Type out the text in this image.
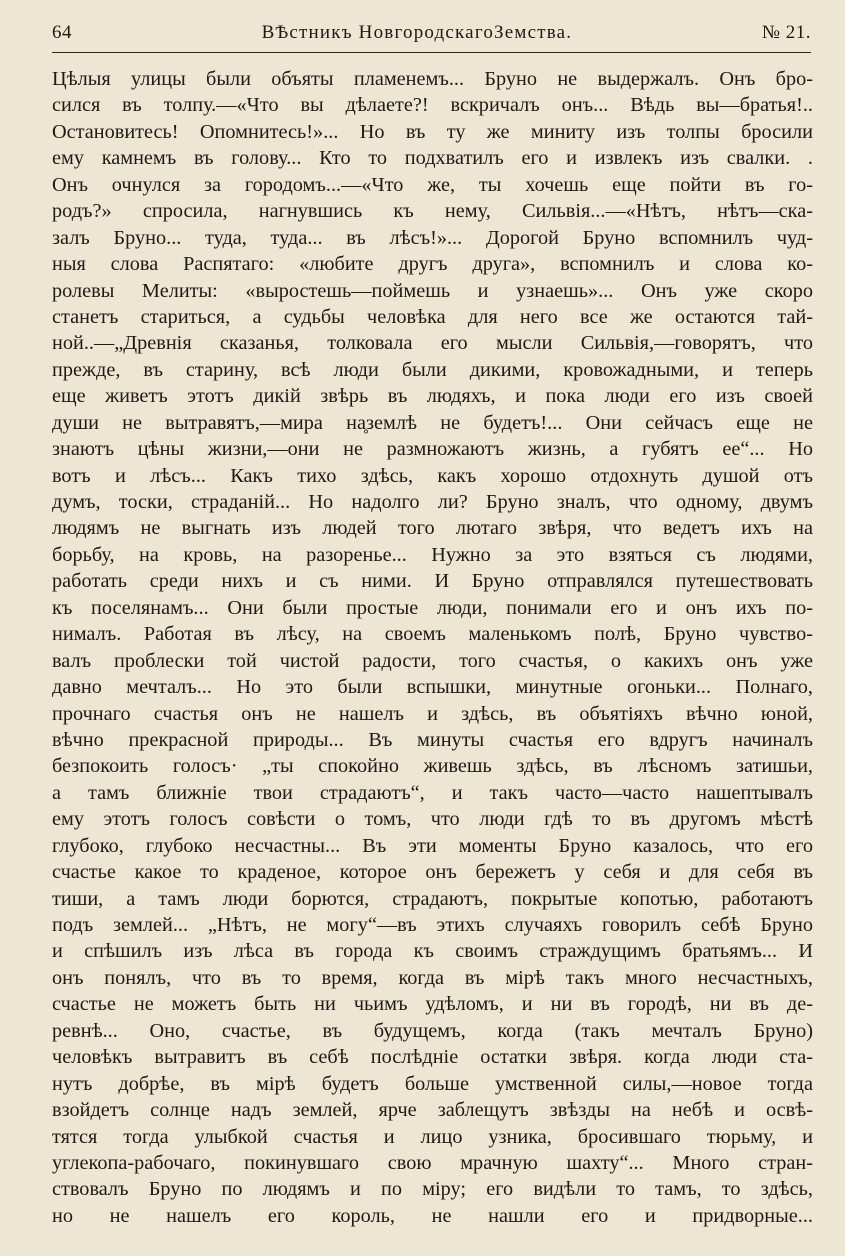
64	ВѢстникъ НовгородскагоЗемства.	№ 21.
Цѣлыя улицы были объяты пламенемъ... Бруно не выдержалъ. Онъ бро-
сился въ толпу.—«Что вы дѣлаете?! вскричалъ онъ... Вѣдь вы—братья!..
Остановитесь! Опомнитесь!»... Но въ ту же миниту изъ толпы бросили
ему камнемъ въ голову... Кто то подхватилъ его и извлекъ изъ свалки. .
Онъ очнулся за городомъ...—«Что же, ты хочешь еще пойти въ го-
родъ?» спросила, нагнувшись къ нему, Сильвія...—«Нѣтъ, нѣтъ—ска-
залъ Бруно... туда, туда... въ лѣсъ!»... Дорогой Бруно вспомнилъ чуд-
ныя слова Распятаго: «любите другъ друга», вспомнилъ и слова ко-
ролевы Мелиты: «выростешь—поймешь и узнаешь»... Онъ уже скоро
станетъ стариться, а судьбы человѣка для него все же остаются тай-
ной..—„Древнія сказанья, толковала его мысли Сильвія,—говорятъ, что
прежде, въ старину, всѣ люди были дикими, кровожадными, и теперь
еще живетъ этотъ дикій звѣрь въ людяхъ, и пока люди его изъ своей
души не вытравятъ,—мира на̥землѣ не будетъ!... Они сейчасъ еще не
знаютъ цѣны жизни,—они не размножаютъ жизнь, а губятъ ее“... Но
вотъ и лѣсъ... Какъ тихо здѣсь, какъ хорошо отдохнуть душой отъ
думъ, тоски, страданій... Но надолго ли? Бруно зналъ, что одному, двумъ
людямъ не выгнать изъ людей того лютаго звѣря, что ведетъ ихъ на
борьбу, на кровь, на разоренье... Нужно за это взяться съ людями,
работать среди нихъ и съ ними. И Бруно отправлялся путешествовать
къ поселянамъ... Они были простые люди, понимали его и онъ ихъ по-
нималъ. Работая въ лѣсу, на своемъ маленькомъ полѣ, Бруно чувство-
валъ проблески той чистой радости, того счастья, о какихъ онъ уже
давно мечталъ... Но это были вспышки, минутные огоньки... Полнаго,
прочнаго счастья онъ не нашелъ и здѣсь, въ объятіяхъ вѣчно юной,
вѣчно прекрасной природы... Въ минуты счастья его вдругъ начиналъ
безпокоить голосъ· „ты спокойно живешь здѣсь, въ лѣсномъ затишьи,
а тамъ ближніе твои страдаютъ“, и такъ часто—часто нашептывалъ
ему этотъ голосъ совѣсти о томъ, что люди гдѣ то въ другомъ мѣстѣ
глубоко, глубоко несчастны... Въ эти моменты Бруно казалось, что его
счастье какое то краденое, которое онъ бережетъ у себя и для себя въ
тиши, а тамъ люди борются, страдаютъ, покрытые копотью, работаютъ
подъ землей... „Нѣтъ, не могу“—въ этихъ случаяхъ говорилъ себѣ Бруно
и спѣшилъ изъ лѣса въ города къ своимъ страждущимъ братьямъ... И
онъ понялъ, что въ то время, когда въ мірѣ такъ много несчастныхъ,
счастье не можетъ быть ни чьимъ удѣломъ, и ни въ городѣ, ни въ де-
ревнѣ... Оно, счастье, въ будущемъ, когда (такъ мечталъ Бруно)
человѣкъ вытравитъ въ себѣ послѣдніе остатки звѣря. когда люди ста-
нутъ добрѣе, въ мірѣ будетъ больше умственной силы,—новое тогда
взойдетъ солнце надъ землей, ярче заблещутъ звѣзды на небѣ и освѣ-
тятся тогда улыбкой счастья и лицо узника, бросившаго тюрьму, и
углекопа-рабочаго, покинувшаго свою мрачную шахту“... Много стран-
ствовалъ Бруно по людямъ и по міру; его видѣли то тамъ, то здѣсь,
но не нашелъ его король, не нашли его и придворные...
